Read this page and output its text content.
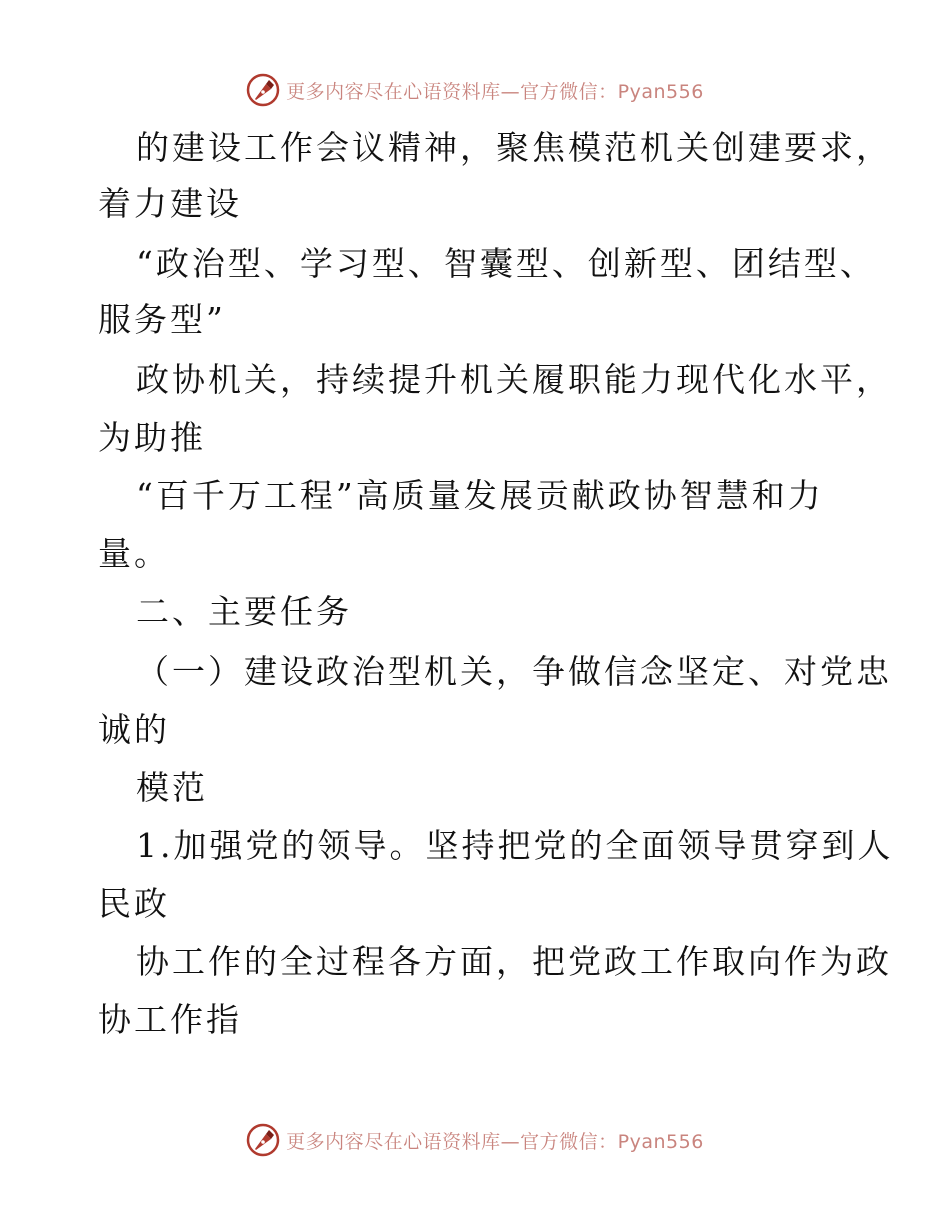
更多内容尽在心语资料库—官方微信：Pyan556
的建设工作会议精神，聚焦模范机关创建要求，
着力建设
“政治型、学习型、智囊型、创新型、团结型、
服务型”
政协机关，持续提升机关履职能力现代化水平，
为助推
“百千万工程”高质量发展贡献政协智慧和力
量。
二、主要任务
（一）建设政治型机关，争做信念坚定、对党忠
诚的
模范
1.加强党的领导。坚持把党的全面领导贯穿到人
民政
协工作的全过程各方面，把党政工作取向作为政
协工作指
更多内容尽在心语资料库—官方微信：Pyan556
